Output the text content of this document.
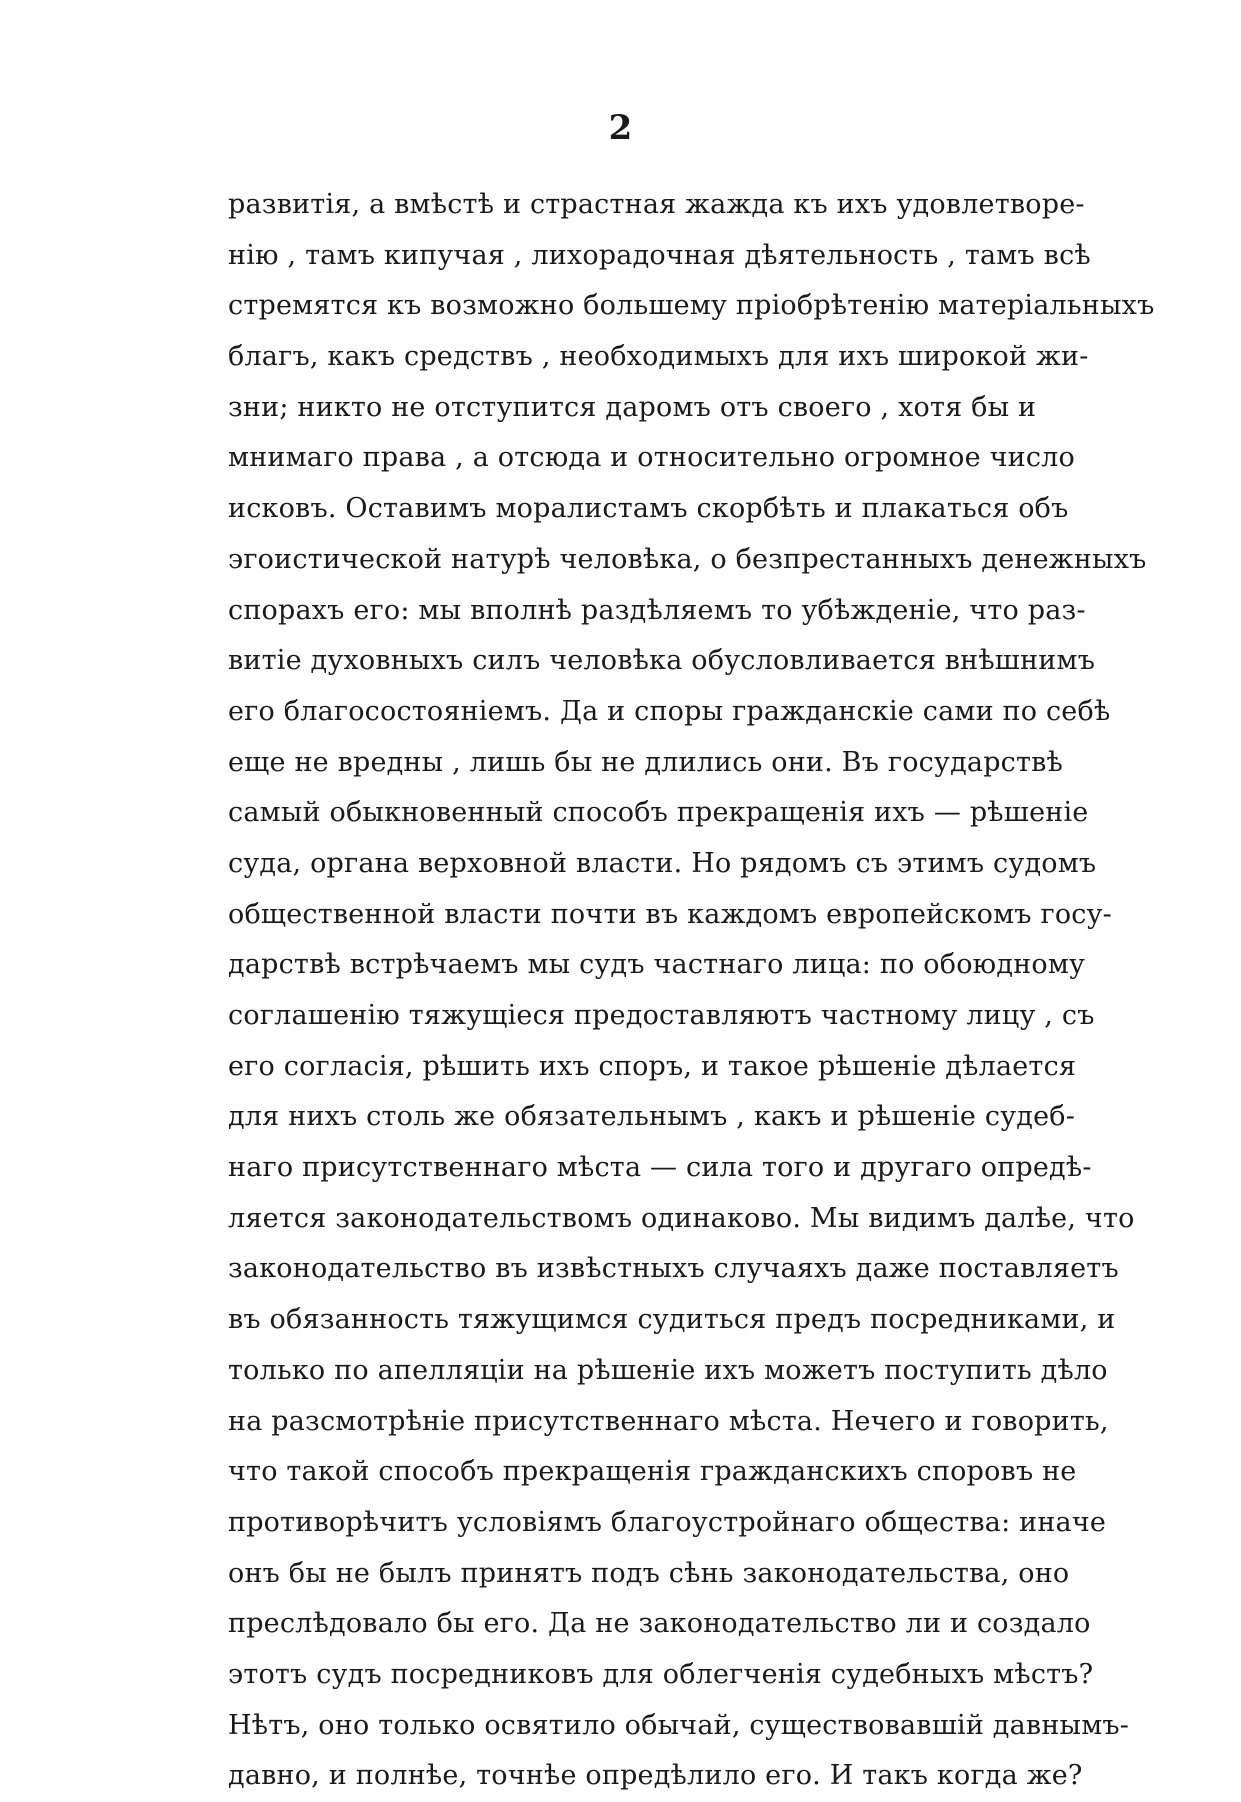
2
развитія, а вмѣстѣ и страстная жажда къ ихъ удовлетворе-
нію , тамъ кипучая , лихорадочная дѣятельность , тамъ всѣ
стремятся къ возможно большему пріобрѣтенію матеріальныхъ
благъ, какъ средствъ , необходимыхъ для ихъ широкой жи-
зни; никто не отступится даромъ отъ своего , хотя бы и
мнимаго права , а отсюда и относительно огромное число
исковъ. Оставимъ моралистамъ скорбѣть и плакаться объ
эгоистической натурѣ человѣка, о безпрестанныхъ денежныхъ
спорахъ его: мы вполнѣ раздѣляемъ то убѣжденіе, что раз-
витіе духовныхъ силъ человѣка обусловливается внѣшнимъ
его благосостояніемъ. Да и споры гражданскіе сами по себѣ
еще не вредны , лишь бы не длились они. Въ государствѣ
самый обыкновенный способъ прекращенія ихъ — рѣшеніе
суда, органа верховной власти. Но рядомъ съ этимъ судомъ
общественной власти почти въ каждомъ европейскомъ госу-
дарствѣ встрѣчаемъ мы судъ частнаго лица: по обоюдному
соглашенію тяжущіеся предоставляютъ частному лицу , съ
его согласія, рѣшить ихъ споръ, и такое рѣшеніе дѣлается
для нихъ столь же обязательнымъ , какъ и рѣшеніе судеб-
наго присутственнаго мѣста — сила того и другаго опредѣ-
ляется законодательствомъ одинаково. Мы видимъ далѣе, что
законодательство въ извѣстныхъ случаяхъ даже поставляетъ
въ обязанность тяжущимся судиться предъ посредниками, и
только по апелляціи на рѣшеніе ихъ можетъ поступить дѣло
на разсмотрѣніе присутственнаго мѣста. Нечего и говорить,
что такой способъ прекращенія гражданскихъ споровъ не
противорѣчитъ условіямъ благоустройнаго общества: иначе
онъ бы не былъ принятъ подъ сѣнь законодательства, оно
преслѣдовало бы его. Да не законодательство ли и создало
этотъ судъ посредниковъ для облегченія судебныхъ мѣстъ?
Нѣтъ, оно только освятило обычай, существовавшій давнымъ-
давно, и полнѣе, точнѣе опредѣлило его. И такъ когда же?
